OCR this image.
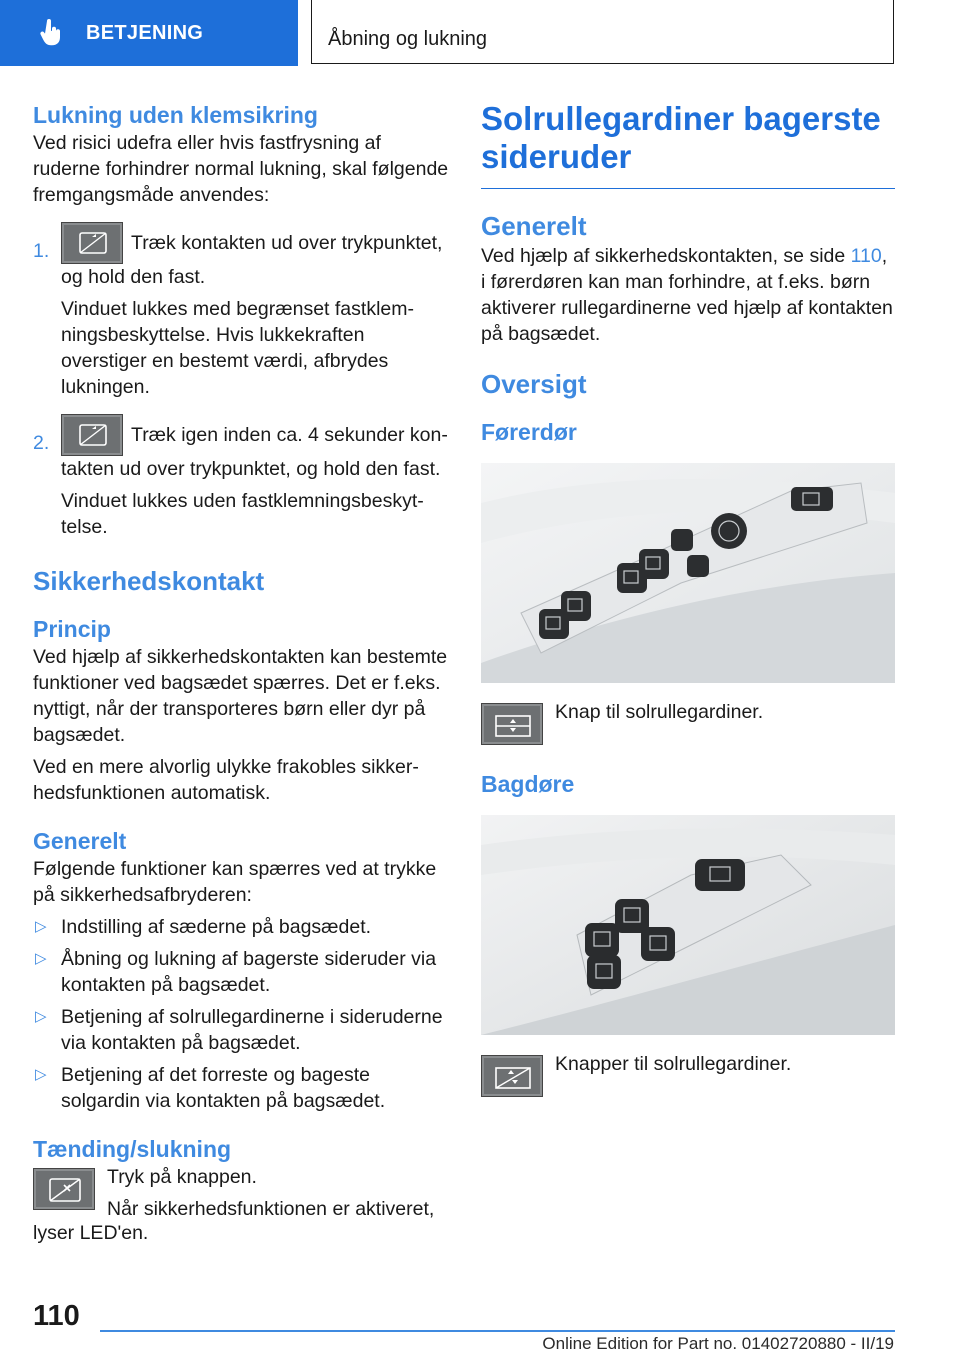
BETJENING	Åbning og lukning
Lukning uden klemsikring

Ved risici udefra eller hvis fastfrysning af ruderne forhindrer normal lukning, skal følgende fremgangsmåde anvendes:

1.	Træk kontakten ud over trykpunktet, og hold den fast.

Vinduet lukkes med begrænset fastklemningsbeskyttelse. Hvis lukkekraften overstiger en bestemt værdi, afbrydes lukningen.

2.	Træk igen inden ca. 4 sekunder kontakten ud over trykpunktet, og hold den fast.

Vinduet lukkes uden fastklemningsbeskyttelse.

Sikkerhedskontakt
Princip

Ved hjælp af sikkerhedskontakten kan bestemte funktioner ved bagsædet spærres. Det er f.eks. nyttigt, når der transporteres børn eller dyr på bagsædet.

Ved en mere alvorlig ulykke frakobles sikkerhedsfunktionen automatisk.

Generelt

Følgende funktioner kan spærres ved at trykke på sikkerhedsafbryderen:

▷ Indstilling af sæderne på bagsædet.

▷ Åbning og lukning af bagerste sideruder via kontakten på bagsædet.

▷ Betjening af solrullegardinerne i sideruderne via kontakten på bagsædet.

▷ Betjening af det forreste og bageste solgardin via kontakten på bagsædet.

Tænding/slukning

Tryk på knappen.

Når sikkerhedsfunktionen er aktiveret,

lyser LED'en.

Solrullegardiner bagerste sideruder
Generelt

Ved hjælp af sikkerhedskontakten, se side 110, i førerdøren kan man forhindre, at f.eks. børn aktiverer rullegardinerne ved hjælp af kontakten på bagsædet.

Oversigt
Førerdør

Knap til solrullegardiner.

Bagdøre

Knapper til solrullegardiner.

110
Online Edition for Part no. 01402720880 - II/19
